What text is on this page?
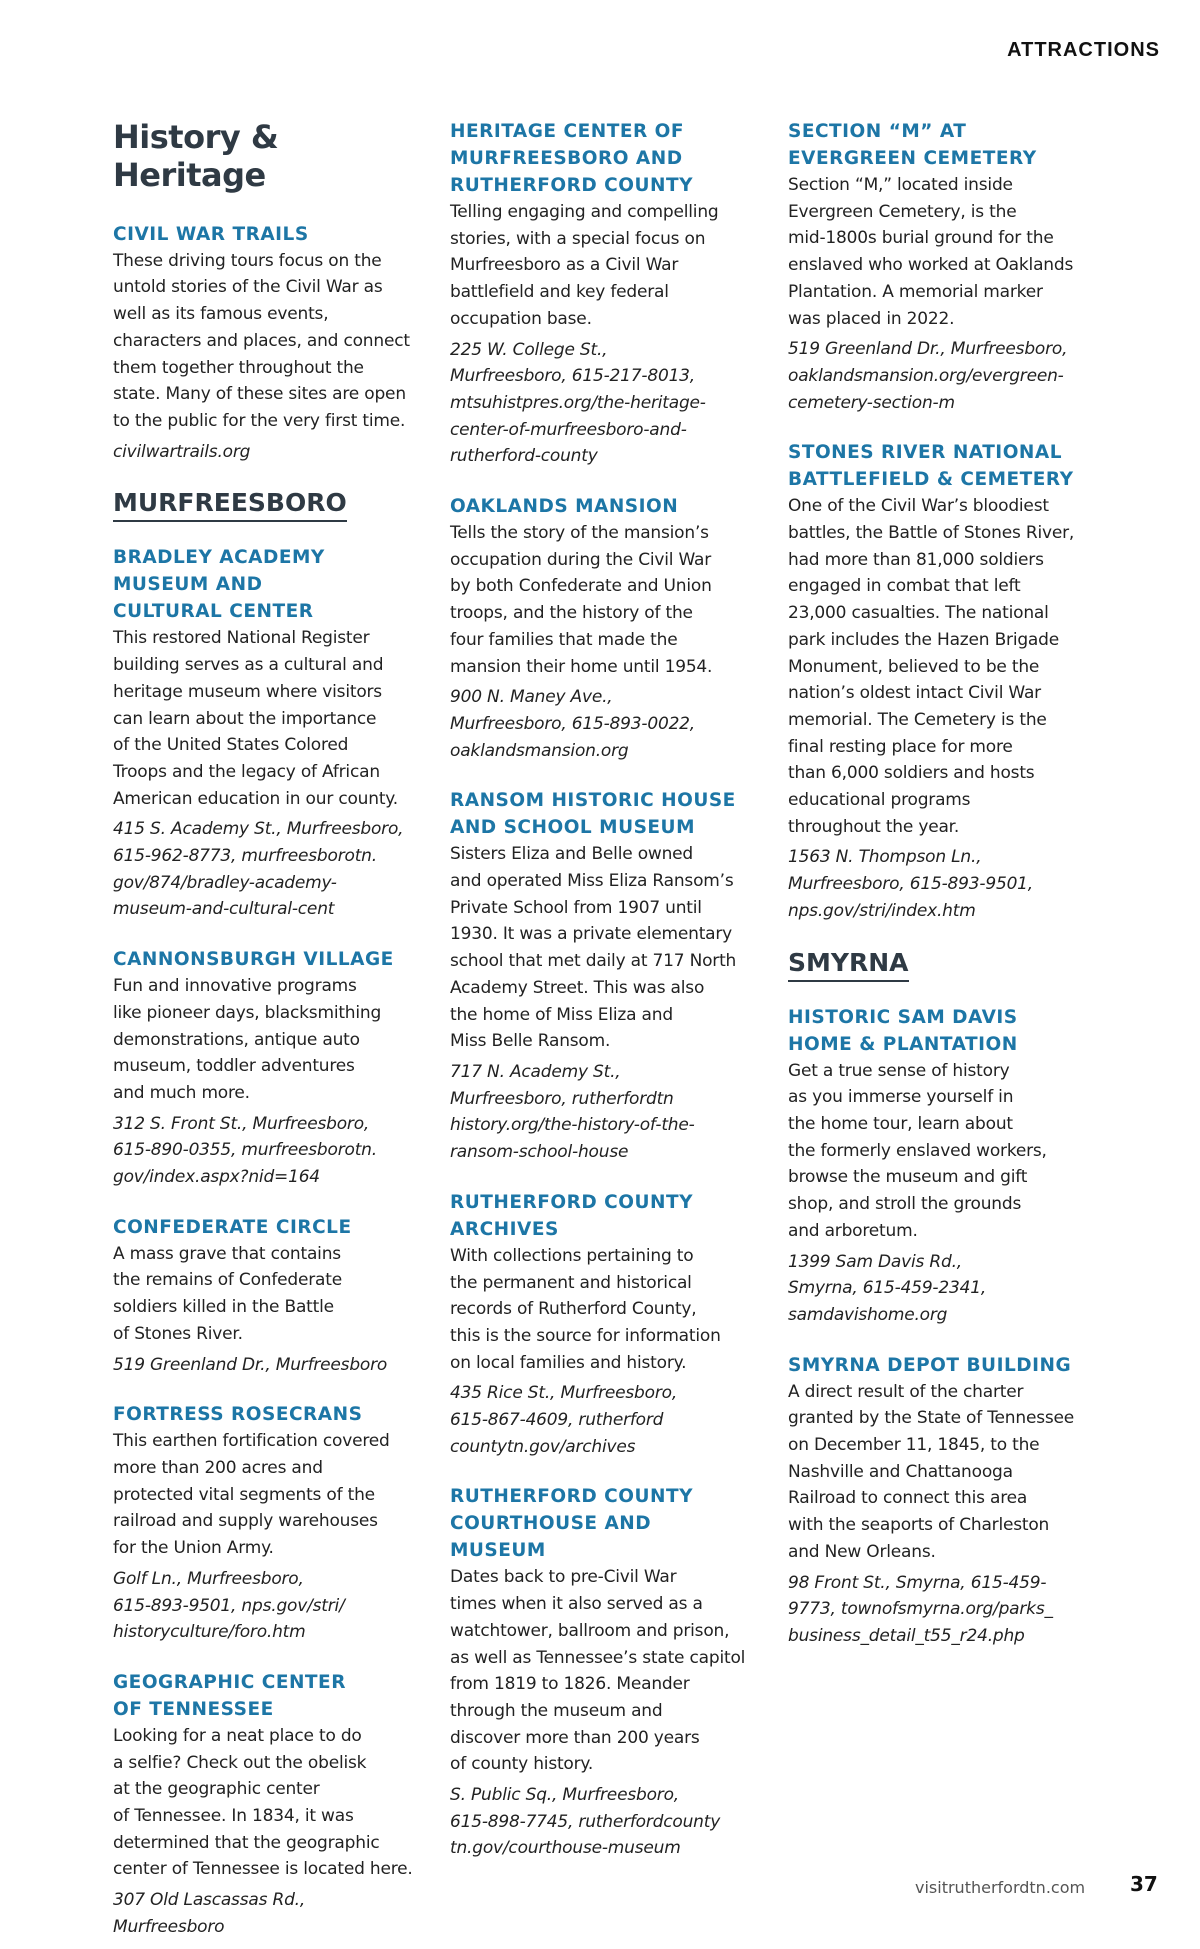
ATTRACTIONS
History & Heritage
CIVIL WAR TRAILS

These driving tours focus on the
untold stories of the Civil War as
well as its famous events,
characters and places, and connect
them together throughout the
state. Many of these sites are open
to the public for the very first time.

civilwartrails.org

MURFREESBORO
BRADLEY ACADEMY
MUSEUM AND
CULTURAL CENTER

This restored National Register
building serves as a cultural and
heritage museum where visitors
can learn about the importance
of the United States Colored
Troops and the legacy of African
American education in our county.

415 S. Academy St., Murfreesboro,
615-962-8773, murfreesborotn.
gov/874/bradley-academy-
museum-and-cultural-cent

CANNONSBURGH VILLAGE

Fun and innovative programs
like pioneer days, blacksmithing
demonstrations, antique auto
museum, toddler adventures
and much more.

312 S. Front St., Murfreesboro,
615-890-0355, murfreesborotn.
gov/index.aspx?nid=164

CONFEDERATE CIRCLE

A mass grave that contains
the remains of Confederate
soldiers killed in the Battle
of Stones River.

519 Greenland Dr., Murfreesboro

FORTRESS ROSECRANS

This earthen fortification covered
more than 200 acres and
protected vital segments of the
railroad and supply warehouses
for the Union Army.

Golf Ln., Murfreesboro,
615-893-9501, nps.gov/stri/
historyculture/foro.htm

GEOGRAPHIC CENTER
OF TENNESSEE

Looking for a neat place to do
a selfie? Check out the obelisk
at the geographic center
of Tennessee. In 1834, it was
determined that the geographic
center of Tennessee is located here.

307 Old Lascassas Rd.,
Murfreesboro

HERITAGE CENTER OF
MURFREESBORO AND
RUTHERFORD COUNTY

Telling engaging and compelling
stories, with a special focus on
Murfreesboro as a Civil War
battlefield and key federal
occupation base.

225 W. College St.,
Murfreesboro, 615-217-8013,
mtsuhistpres.org/the-heritage-
center-of-murfreesboro-and-
rutherford-county

OAKLANDS MANSION

Tells the story of the mansion’s
occupation during the Civil War
by both Confederate and Union
troops, and the history of the
four families that made the
mansion their home until 1954.

900 N. Maney Ave.,
Murfreesboro, 615-893-0022,
oaklandsmansion.org

RANSOM HISTORIC HOUSE
AND SCHOOL MUSEUM

Sisters Eliza and Belle owned
and operated Miss Eliza Ransom’s
Private School from 1907 until
1930. It was a private elementary
school that met daily at 717 North
Academy Street. This was also
the home of Miss Eliza and
Miss Belle Ransom.

717 N. Academy St.,
Murfreesboro, rutherfordtn
history.org/the-history-of-the-
ransom-school-house

RUTHERFORD COUNTY
ARCHIVES

With collections pertaining to
the permanent and historical
records of Rutherford County,
this is the source for information
on local families and history.

435 Rice St., Murfreesboro,
615-867-4609, rutherford
countytn.gov/archives

RUTHERFORD COUNTY
COURTHOUSE AND
MUSEUM

Dates back to pre-Civil War
times when it also served as a
watchtower, ballroom and prison,
as well as Tennessee’s state capitol
from 1819 to 1826. Meander
through the museum and
discover more than 200 years
of county history.

S. Public Sq., Murfreesboro,
615-898-7745, rutherfordcounty
tn.gov/courthouse-museum

SECTION “M” AT
EVERGREEN CEMETERY

Section “M,” located inside
Evergreen Cemetery, is the
mid-1800s burial ground for the
enslaved who worked at Oaklands
Plantation. A memorial marker
was placed in 2022.

519 Greenland Dr., Murfreesboro,
oaklandsmansion.org/evergreen-
cemetery-section-m

STONES RIVER NATIONAL
BATTLEFIELD & CEMETERY

One of the Civil War’s bloodiest
battles, the Battle of Stones River,
had more than 81,000 soldiers
engaged in combat that left
23,000 casualties. The national
park includes the Hazen Brigade
Monument, believed to be the
nation’s oldest intact Civil War
memorial. The Cemetery is the
final resting place for more
than 6,000 soldiers and hosts
educational programs
throughout the year.

1563 N. Thompson Ln.,
Murfreesboro, 615-893-9501,
nps.gov/stri/index.htm

SMYRNA
HISTORIC SAM DAVIS
HOME & PLANTATION

Get a true sense of history
as you immerse yourself in
the home tour, learn about
the formerly enslaved workers,
browse the museum and gift
shop, and stroll the grounds
and arboretum.

1399 Sam Davis Rd.,
Smyrna, 615-459-2341,
samdavishome.org

SMYRNA DEPOT BUILDING

A direct result of the charter
granted by the State of Tennessee
on December 11, 1845, to the
Nashville and Chattanooga
Railroad to connect this area
with the seaports of Charleston
and New Orleans.

98 Front St., Smyrna, 615-459-
9773, townofsmyrna.org/parks_
business_detail_t55_r24.php

visitrutherfordtn.com 37
